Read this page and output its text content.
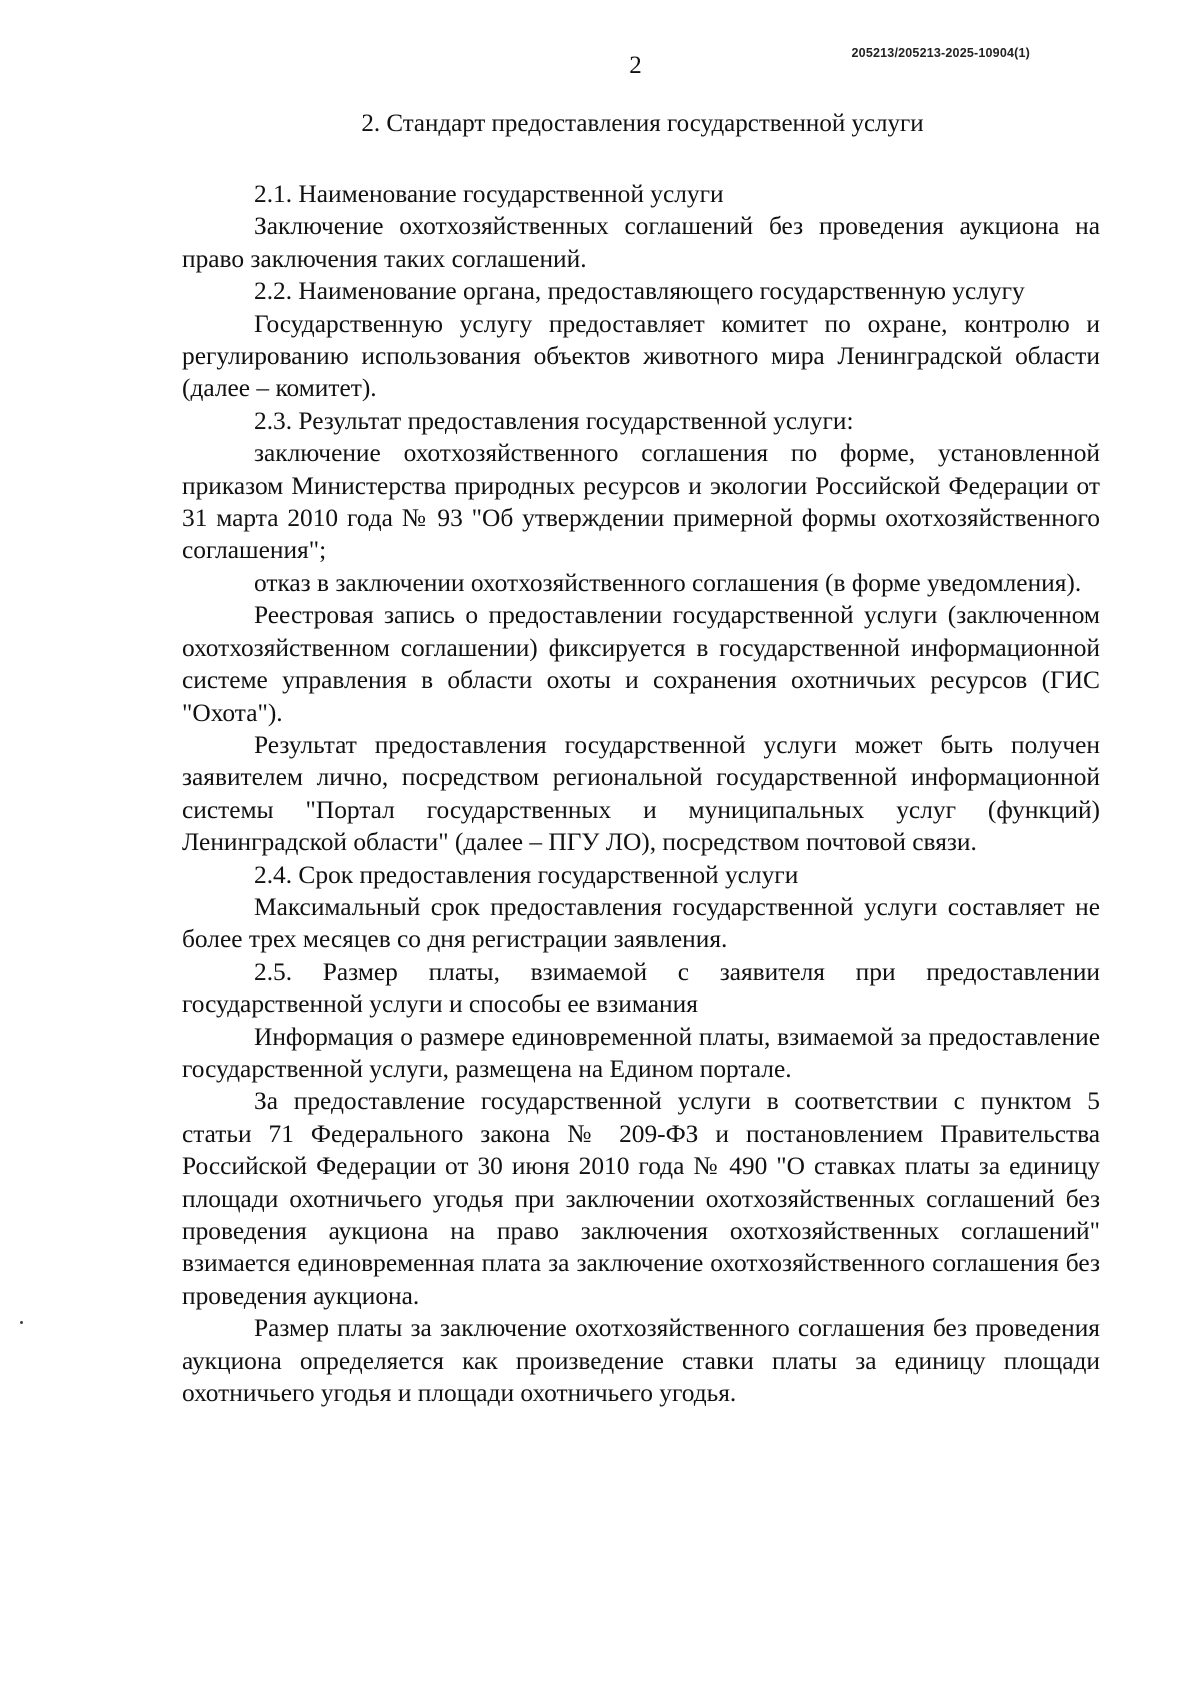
205213/205213-2025-10904(1)
2
2. Стандарт предоставления государственной услуги

2.1. Наименование государственной услуги

Заключение охотхозяйственных соглашений без проведения аукциона на право заключения таких соглашений.

2.2. Наименование органа, предоставляющего государственную услугу

Государственную услугу предоставляет комитет по охране, контролю и регулированию использования объектов животного мира Ленинградской области (далее – комитет).

2.3. Результат предоставления государственной услуги:

заключение охотхозяйственного соглашения по форме, установленной приказом Министерства природных ресурсов и экологии Российской Федерации от 31 марта 2010 года № 93 "Об утверждении примерной формы охотхозяйственного соглашения";

отказ в заключении охотхозяйственного соглашения (в форме уведомления).

Реестровая запись о предоставлении государственной услуги (заключенном охотхозяйственном соглашении) фиксируется в государственной информационной системе управления в области охоты и сохранения охотничьих ресурсов (ГИС "Охота").

Результат предоставления государственной услуги может быть получен заявителем лично, посредством региональной государственной информационной системы "Портал государственных и муниципальных услуг (функций) Ленинградской области" (далее – ПГУ ЛО), посредством почтовой связи.

2.4. Срок предоставления государственной услуги

Максимальный срок предоставления государственной услуги составляет не более трех месяцев со дня регистрации заявления.

2.5. Размер платы, взимаемой с заявителя при предоставлении государственной услуги и способы ее взимания

Информация о размере единовременной платы, взимаемой за предоставление государственной услуги, размещена на Едином портале.

За предоставление государственной услуги в соответствии с пунктом 5 статьи 71 Федерального закона № 209-ФЗ и постановлением Правительства Российской Федерации от 30 июня 2010 года № 490 "О ставках платы за единицу площади охотничьего угодья при заключении охотхозяйственных соглашений без проведения аукциона на право заключения охотхозяйственных соглашений" взимается единовременная плата за заключение охотхозяйственного соглашения без проведения аукциона.

Размер платы за заключение охотхозяйственного соглашения без проведения аукциона определяется как произведение ставки платы за единицу площади охотничьего угодья и площади охотничьего угодья.
